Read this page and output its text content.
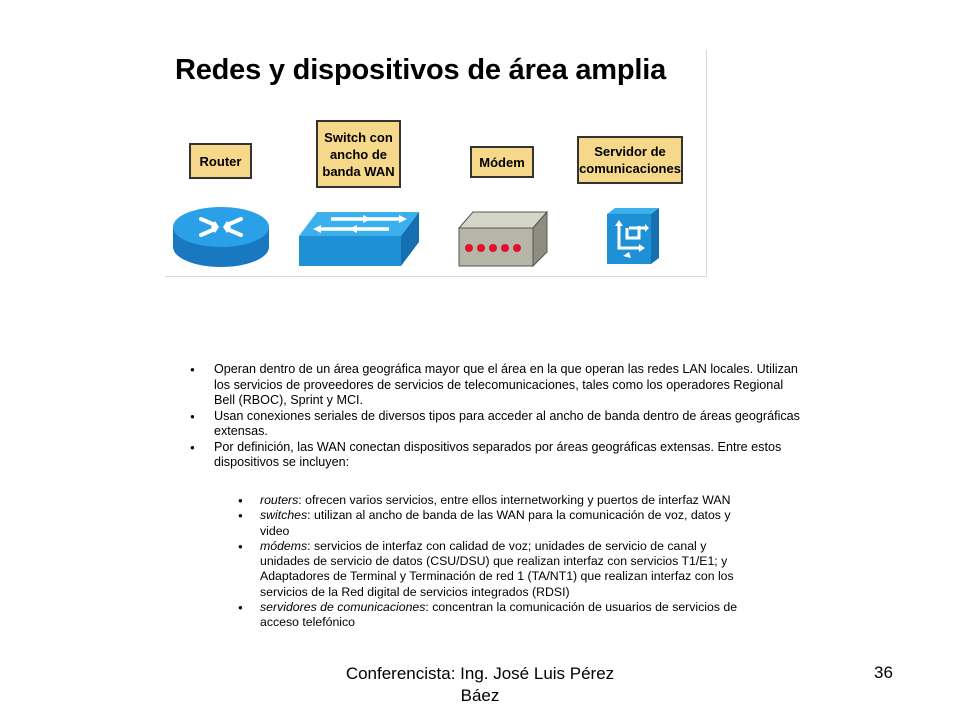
Redes y dispositivos de área amplia
Router
Switch con
ancho de
banda WAN
Módem
Servidor de
comunicaciones
● Operan dentro de un área geográfica mayor que el área en la que operan las redes LAN locales. Utilizan los servicios de proveedores de servicios de telecomunicaciones, tales como los operadores Regional Bell (RBOC), Sprint y MCI.
● Usan conexiones seriales de diversos tipos para acceder al ancho de banda dentro de áreas geográficas extensas.
● Por definición, las WAN conectan dispositivos separados por áreas geográficas extensas. Entre estos dispositivos se incluyen:
● routers: ofrecen varios servicios, entre ellos internetworking y puertos de interfaz WAN
● switches: utilizan al ancho de banda de las WAN para la comunicación de voz, datos y video
● módems: servicios de interfaz con calidad de voz; unidades de servicio de canal y unidades de servicio de datos (CSU/DSU) que realizan interfaz con servicios T1/E1; y Adaptadores de Terminal y Terminación de red 1 (TA/NT1) que realizan interfaz con los servicios de la Red digital de servicios integrados (RDSI)
● servidores de comunicaciones: concentran la comunicación de usuarios de servicios de acceso telefónico
Conferencista: Ing. José Luis Pérez Báez
36
